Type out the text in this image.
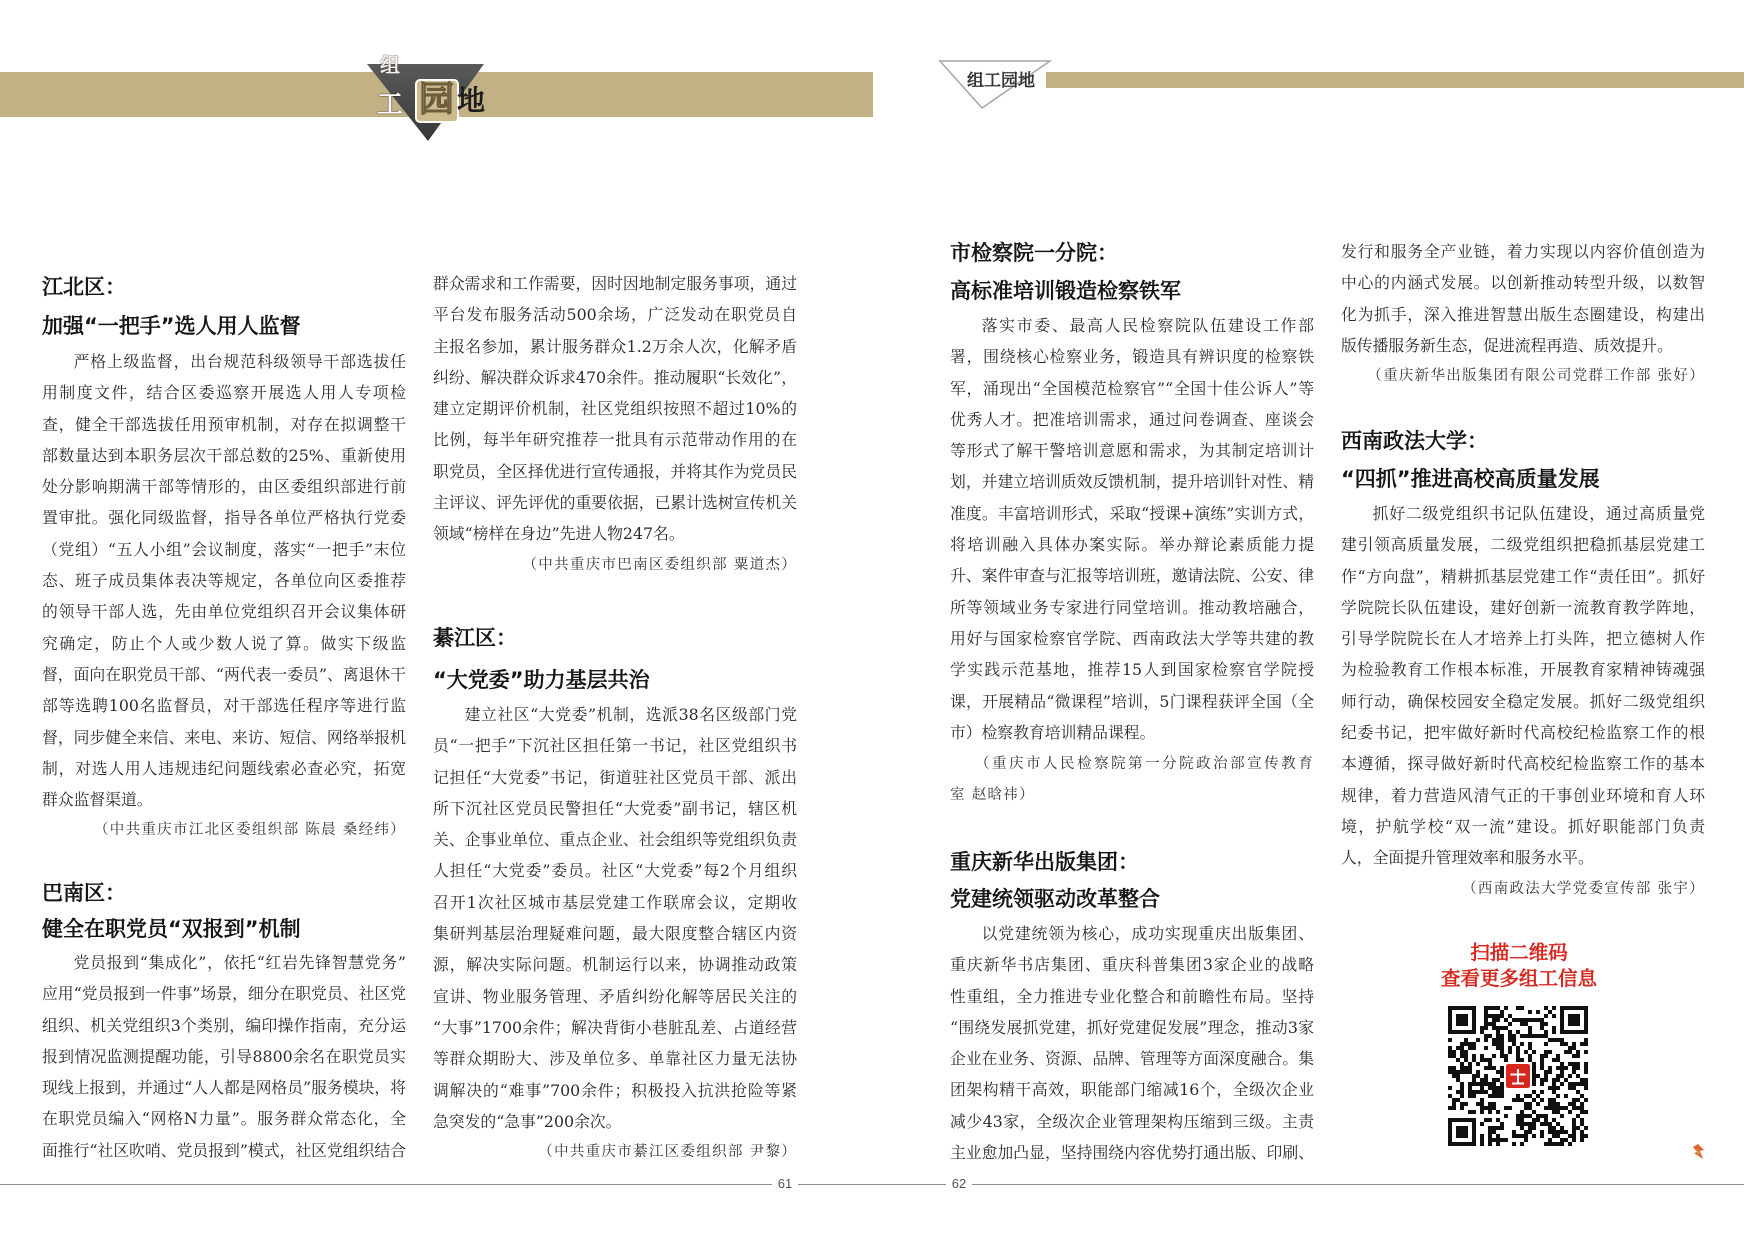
组
工 园 地
组工园地
江北区：
加强“一把手”选人用人监督
严格上级监督，出台规范科级领导干部选拔任
用制度文件，结合区委巡察开展选人用人专项检
查，健全干部选拔任用预审机制，对存在拟调整干
部数量达到本职务层次干部总数的25%、重新使用
处分影响期满干部等情形的，由区委组织部进行前
置审批。强化同级监督，指导各单位严格执行党委
（党组）“五人小组”会议制度，落实“一把手”末位
态、班子成员集体表决等规定，各单位向区委推荐
的领导干部人选，先由单位党组织召开会议集体研
究确定，防止个人或少数人说了算。做实下级监
督，面向在职党员干部、“两代表一委员”、离退休干
部等选聘100名监督员，对干部选任程序等进行监
督，同步健全来信、来电、来访、短信、网络举报机
制，对选人用人违规违纪问题线索必查必究，拓宽
群众监督渠道。
（中共重庆市江北区委组织部 陈晨 桑经纬）
巴南区：
健全在职党员“双报到”机制
党员报到“集成化”，依托“红岩先锋智慧党务”
应用“党员报到一件事”场景，细分在职党员、社区党
组织、机关党组织3个类别，编印操作指南，充分运
报到情况监测提醒功能，引导8800余名在职党员实
现线上报到，并通过“人人都是网格员”服务模块，将
在职党员编入“网格N力量”。服务群众常态化，全
面推行“社区吹哨、党员报到”模式，社区党组织结合
群众需求和工作需要，因时因地制定服务事项，通过
平台发布服务活动500余场，广泛发动在职党员自
主报名参加，累计服务群众1.2万余人次，化解矛盾
纠纷、解决群众诉求470余件。推动履职“长效化”，
建立定期评价机制，社区党组织按照不超过10%的
比例，每半年研究推荐一批具有示范带动作用的在
职党员，全区择优进行宣传通报，并将其作为党员民
主评议、评先评优的重要依据，已累计选树宣传机关
领域“榜样在身边”先进人物247名。
（中共重庆市巴南区委组织部 粟道杰）
綦江区：
“大党委”助力基层共治
建立社区“大党委”机制，选派38名区级部门党
员“一把手”下沉社区担任第一书记，社区党组织书
记担任“大党委”书记，街道驻社区党员干部、派出
所下沉社区党员民警担任“大党委”副书记，辖区机
关、企事业单位、重点企业、社会组织等党组织负责
人担任“大党委”委员。社区“大党委”每2个月组织
召开1次社区城市基层党建工作联席会议，定期收
集研判基层治理疑难问题，最大限度整合辖区内资
源，解决实际问题。机制运行以来，协调推动政策
宣讲、物业服务管理、矛盾纠纷化解等居民关注的
“大事”1700余件；解决背街小巷脏乱差、占道经营
等群众期盼大、涉及单位多、单靠社区力量无法协
调解决的“难事”700余件；积极投入抗洪抢险等紧
急突发的“急事”200余次。
（中共重庆市綦江区委组织部 尹黎）
市检察院一分院：
高标准培训锻造检察铁军
落实市委、最高人民检察院队伍建设工作部
署，围绕核心检察业务，锻造具有辨识度的检察铁
军，涌现出“全国模范检察官”“全国十佳公诉人”等
优秀人才。把准培训需求，通过问卷调查、座谈会
等形式了解干警培训意愿和需求，为其制定培训计
划，并建立培训质效反馈机制，提升培训针对性、精
准度。丰富培训形式，采取“授课+演练”实训方式，
将培训融入具体办案实际。举办辩论素质能力提
升、案件审查与汇报等培训班，邀请法院、公安、律
所等领域业务专家进行同堂培训。推动教培融合，
用好与国家检察官学院、西南政法大学等共建的教
学实践示范基地，推荐15人到国家检察官学院授
课，开展精品“微课程”培训，5门课程获评全国（全
市）检察教育培训精品课程。
（重庆市人民检察院第一分院政治部宣传教育
室 赵晗祎）
重庆新华出版集团：
党建统领驱动改革整合
以党建统领为核心，成功实现重庆出版集团、
重庆新华书店集团、重庆科普集团3家企业的战略
性重组，全力推进专业化整合和前瞻性布局。坚持
“围绕发展抓党建，抓好党建促发展”理念，推动3家
企业在业务、资源、品牌、管理等方面深度融合。集
团架构精干高效，职能部门缩减16个，全级次企业
减少43家，全级次企业管理架构压缩到三级。主责
主业愈加凸显，坚持围绕内容优势打通出版、印刷、
发行和服务全产业链，着力实现以内容价值创造为
中心的内涵式发展。以创新推动转型升级，以数智
化为抓手，深入推进智慧出版生态圈建设，构建出
版传播服务新生态，促进流程再造、质效提升。
（重庆新华出版集团有限公司党群工作部 张好）
西南政法大学：
“四抓”推进高校高质量发展
抓好二级党组织书记队伍建设，通过高质量党
建引领高质量发展，二级党组织把稳抓基层党建工
作“方向盘”，精耕抓基层党建工作“责任田”。抓好
学院院长队伍建设，建好创新一流教育教学阵地，
引导学院院长在人才培养上打头阵，把立德树人作
为检验教育工作根本标准，开展教育家精神铸魂强
师行动，确保校园安全稳定发展。抓好二级党组织
纪委书记，把牢做好新时代高校纪检监察工作的根
本遵循，探寻做好新时代高校纪检监察工作的基本
规律，着力营造风清气正的干事创业环境和育人环
境，护航学校“双一流”建设。抓好职能部门负责
人，全面提升管理效率和服务水平。
（西南政法大学党委宣传部 张宇）
扫描二维码
查看更多组工信息
61	62
